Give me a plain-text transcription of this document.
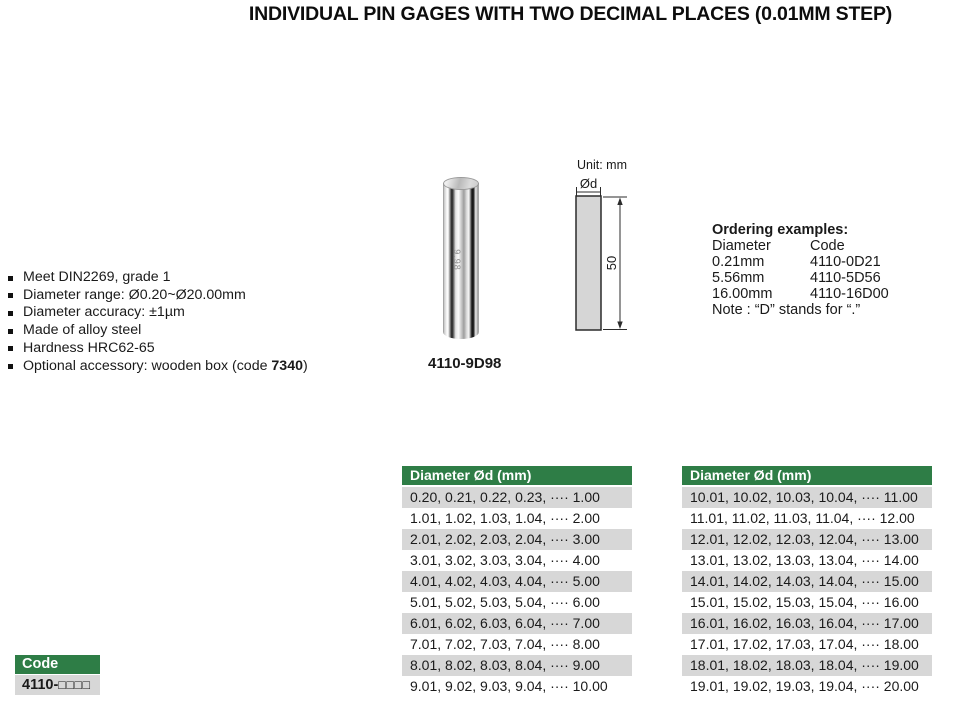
INDIVIDUAL PIN GAGES WITH TWO DECIMAL PLACES (0.01MM STEP)
Meet DIN2269, grade 1
Diameter range: Ø0.20~Ø20.00mm
Diameter accuracy: ±1µm
Made of alloy steel
Hardness HRC62-65
Optional accessory: wooden box (code 7340)
9.98
4110-9D98
Unit: mm
Ød
50
Ordering examples:
Diameter	Code
0.21mm	4110-0D21
5.56mm	4110-5D56
16.00mm	4110-16D00
Note : “D” stands for “.”
Diameter Ød (mm)
0.20, 0.21, 0.22, 0.23, ···· 1.00
1.01, 1.02, 1.03, 1.04, ···· 2.00
2.01, 2.02, 2.03, 2.04, ···· 3.00
3.01, 3.02, 3.03, 3.04, ···· 4.00
4.01, 4.02, 4.03, 4.04, ···· 5.00
5.01, 5.02, 5.03, 5.04, ···· 6.00
6.01, 6.02, 6.03, 6.04, ···· 7.00
7.01, 7.02, 7.03, 7.04, ···· 8.00
8.01, 8.02, 8.03, 8.04, ···· 9.00
9.01, 9.02, 9.03, 9.04, ···· 10.00
Diameter Ød (mm)
10.01, 10.02, 10.03, 10.04, ···· 11.00
11.01, 11.02, 11.03, 11.04, ···· 12.00
12.01, 12.02, 12.03, 12.04, ···· 13.00
13.01, 13.02, 13.03, 13.04, ···· 14.00
14.01, 14.02, 14.03, 14.04, ···· 15.00
15.01, 15.02, 15.03, 15.04, ···· 16.00
16.01, 16.02, 16.03, 16.04, ···· 17.00
17.01, 17.02, 17.03, 17.04, ···· 18.00
18.01, 18.02, 18.03, 18.04, ···· 19.00
19.01, 19.02, 19.03, 19.04, ···· 20.00
Code
4110-□□□□
